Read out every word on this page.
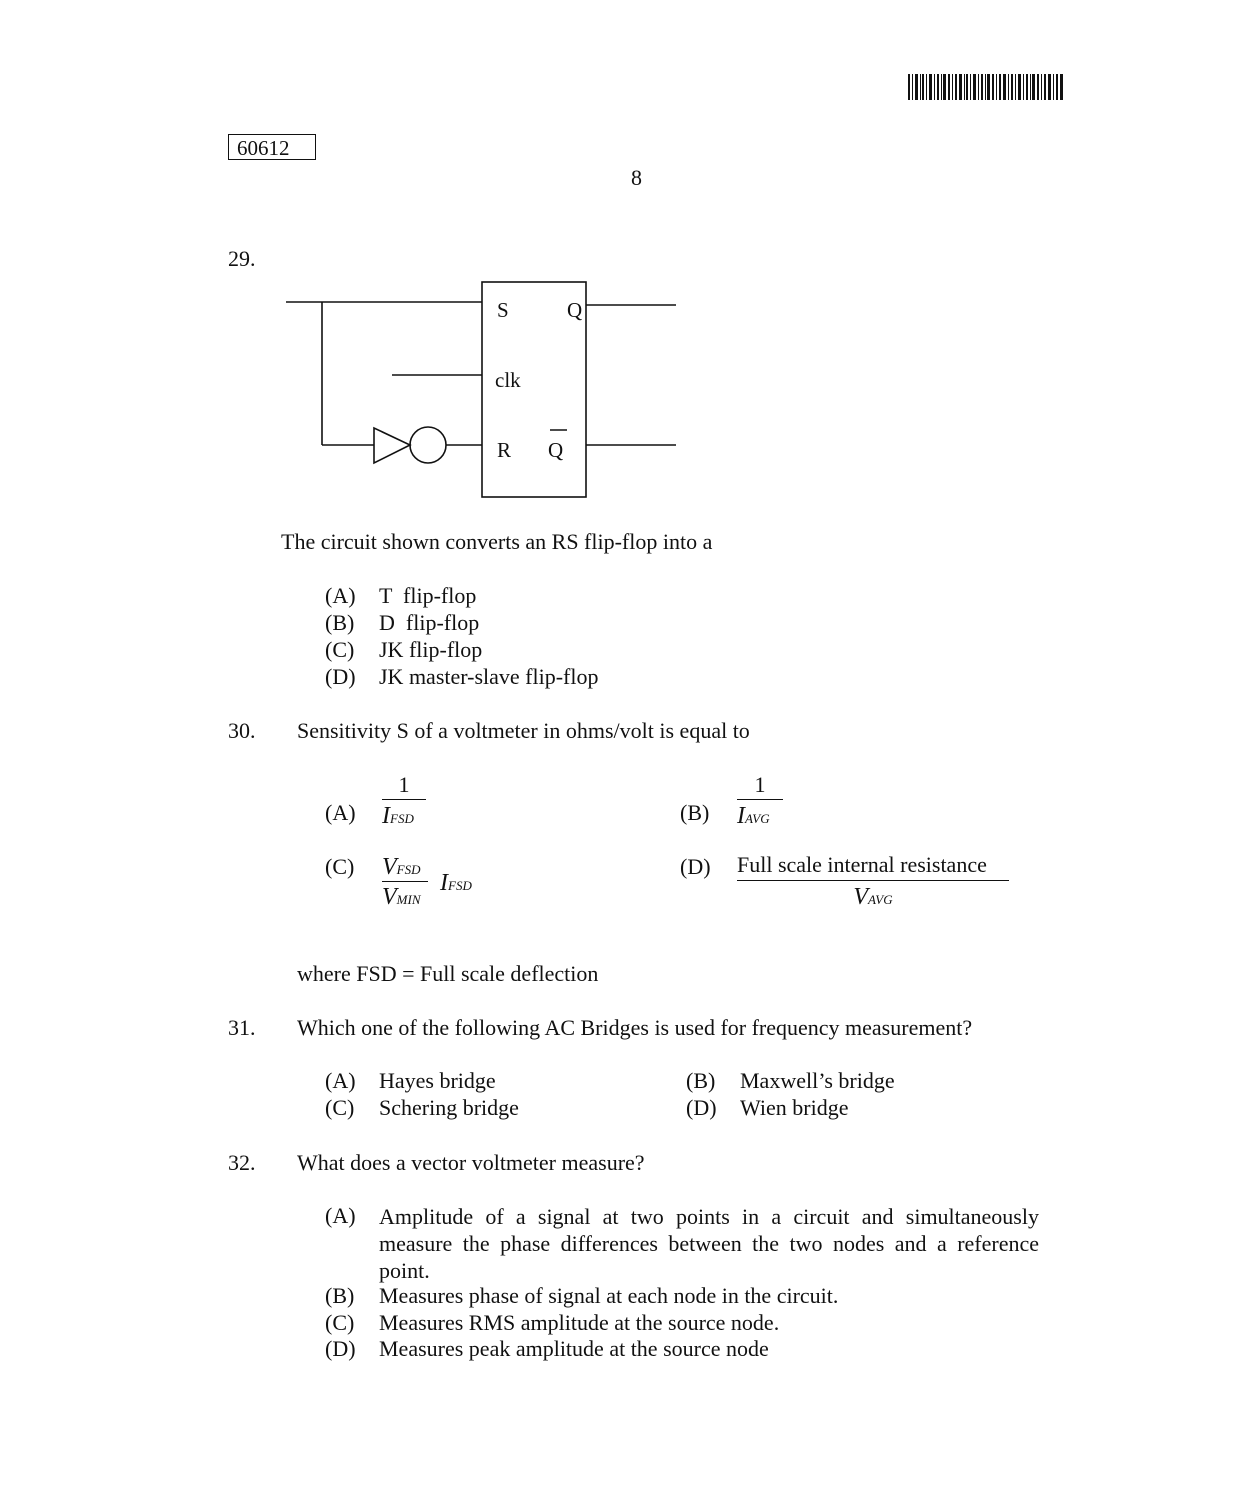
60612
8
29.
S	Q
clk
R Q
The circuit shown converts an RS flip-flop into a
(A) T  flip-flop
(B) D  flip-flop
(C) JK flip-flop
(D) JK master-slave flip-flop
30. Sensitivity S of a voltmeter in ohms/volt is equal to
(A)
1
IFSD	(B)
1
IAVG
(C) VFSD
VMIN
IFSD
(D) Full scale internal resistance
VAVG
where FSD = Full scale deflection
31. Which one of the following AC Bridges is used for frequency measurement?
(A) Hayes bridge	(B) Maxwell’s bridge
(C) Schering bridge	(D) Wien bridge
32. What does a vector voltmeter measure?
(A) Amplitude of a signal at two points in a circuit and simultaneously measure the phase differences between the two nodes and a reference point.
(B) Measures phase of signal at each node in the circuit.
(C) Measures RMS amplitude at the source node.
(D) Measures peak amplitude at the source node
